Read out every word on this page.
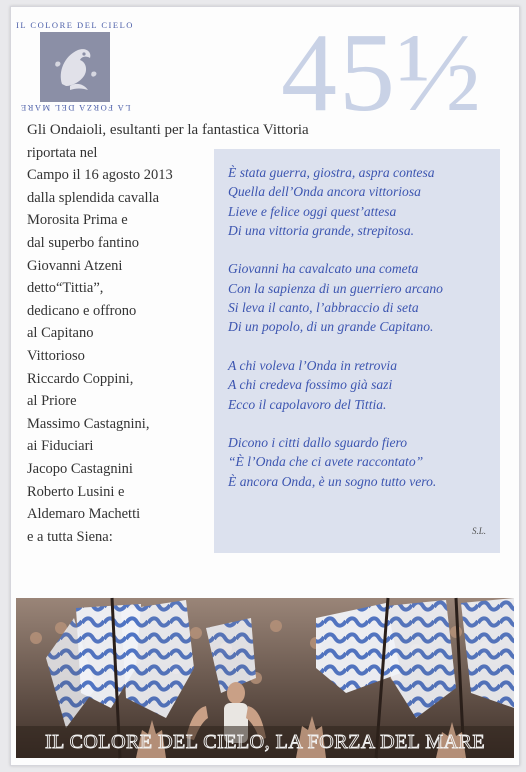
45½
IL COLORE DEL CIELO
LA FORZA DEL MARE
Gli Ondaioli, esultanti per la fantastica Vittoria
riportata nel
Campo il 16 agosto 2013
dalla splendida cavalla
Morosita Prima e
dal superbo fantino
Giovanni Atzeni
detto“Tittia”,
dedicano e offrono
al Capitano
Vittorioso
Riccardo Coppini,
al Priore
Massimo Castagnini,
ai Fiduciari
Jacopo Castagnini
Roberto Lusini e
Aldemaro Machetti
e a tutta Siena:
È stata guerra, giostra, aspra contesa
Quella dell’Onda ancora vittoriosa
Lieve e felice oggi quest’attesa
Di una vittoria grande, strepitosa.
Giovanni ha cavalcato una cometa
Con la sapienza di un guerriero arcano
Si leva il canto, l’abbraccio di seta
Di un popolo, di un grande Capitano.
A chi voleva l’Onda in retrovia
A chi credeva fossimo già sazi
Ecco il capolavoro del Tittia.
Dicono i citti dallo sguardo fiero
“È l’Onda che ci avete raccontato”
È ancora Onda, è un sogno tutto vero.
S.L.
IL COLORE DEL CIELO, LA FORZA DEL MARE
